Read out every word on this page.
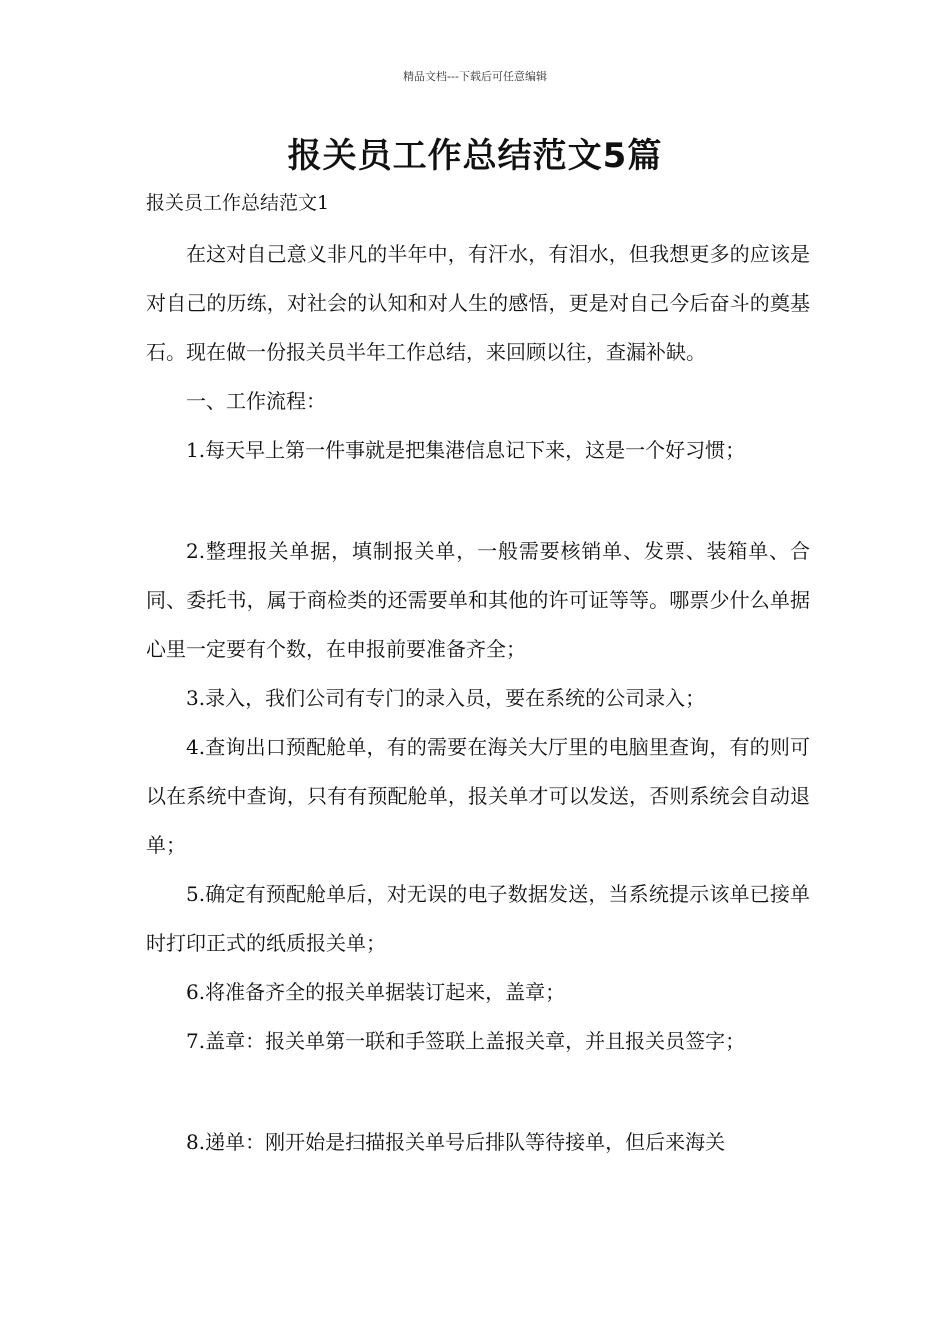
精品文档---下载后可任意编辑
报关员工作总结范文5篇
报关员工作总结范文1

在这对自己意义非凡的半年中，有汗水，有泪水，但我想更多的应该是对自己的历练，对社会的认知和对人生的感悟，更是对自己今后奋斗的奠基石。现在做一份报关员半年工作总结，来回顾以往，查漏补缺。

一、工作流程：

1.每天早上第一件事就是把集港信息记下来，这是一个好习惯；

2.整理报关单据，填制报关单，一般需要核销单、发票、装箱单、合同、委托书，属于商检类的还需要单和其他的许可证等等。哪票少什么单据心里一定要有个数，在申报前要准备齐全；

3.录入，我们公司有专门的录入员，要在系统的公司录入；

4.查询出口预配舱单，有的需要在海关大厅里的电脑里查询，有的则可以在系统中查询，只有有预配舱单，报关单才可以发送，否则系统会自动退单；

5.确定有预配舱单后，对无误的电子数据发送，当系统提示该单已接单时打印正式的纸质报关单；

6.将准备齐全的报关单据装订起来，盖章；

7.盖章：报关单第一联和手签联上盖报关章，并且报关员签字；

8.递单：刚开始是扫描报关单号后排队等待接单，但后来海关
